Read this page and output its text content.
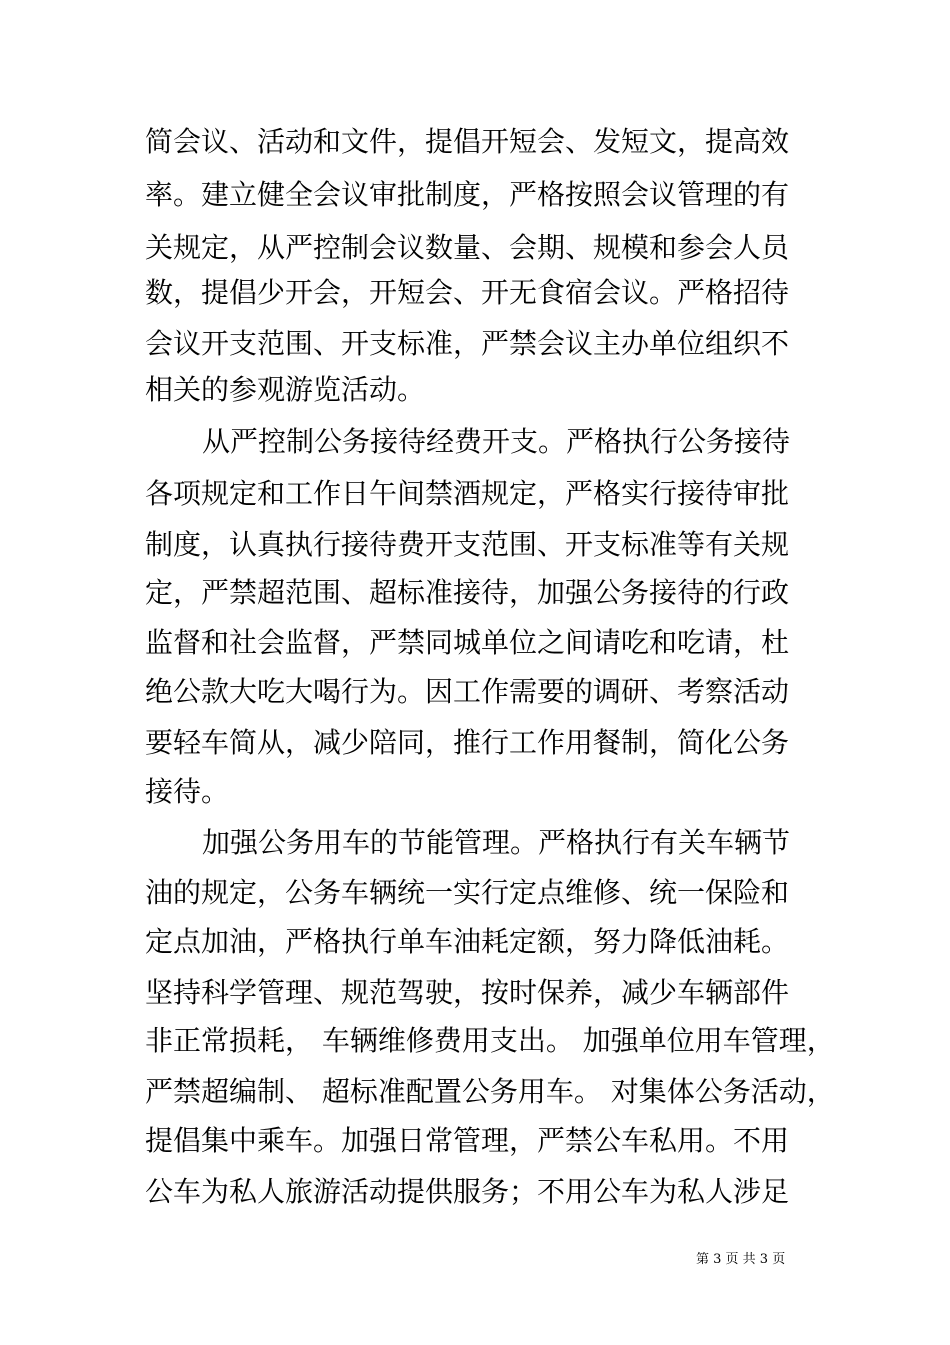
简会议、活动和文件，提倡开短会、发短文，提高效
率。建立健全会议审批制度，严格按照会议管理的有
关规定，从严控制会议数量、会期、规模和参会人员
数，提倡少开会，开短会、开无食宿会议。严格招待
会议开支范围、开支标准，严禁会议主办单位组织不
相关的参观游览活动。
从严控制公务接待经费开支。严格执行公务接待
各项规定和工作日午间禁酒规定，严格实行接待审批
制度，认真执行接待费开支范围、开支标准等有关规
定，严禁超范围、超标准接待，加强公务接待的行政
监督和社会监督，严禁同城单位之间请吃和吃请，杜
绝公款大吃大喝行为。因工作需要的调研、考察活动
要轻车简从，减少陪同，推行工作用餐制，简化公务
接待。
加强公务用车的节能管理。严格执行有关车辆节
油的规定，公务车辆统一实行定点维修、统一保险和
定点加油，严格执行单车油耗定额，努力降低油耗。
坚持科学管理、规范驾驶，按时保养，减少车辆部件
非正常损耗， 车辆维修费用支出。 加强单位用车管理，
严禁超编制、 超标准配置公务用车。 对集体公务活动，
提倡集中乘车。加强日常管理，严禁公车私用。不用
公车为私人旅游活动提供服务；不用公车为私人涉足
第 3 页 共 3 页
